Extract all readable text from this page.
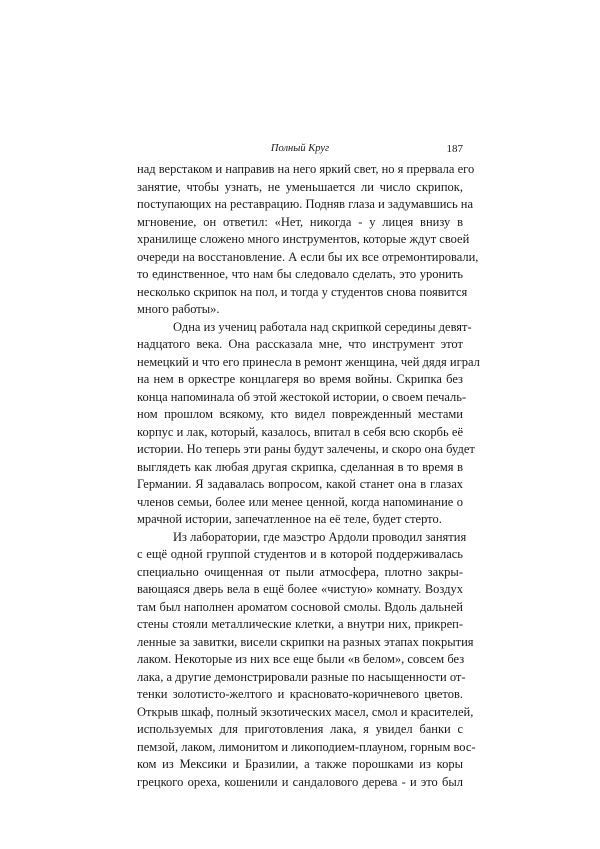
Полный Круг	187
над верстаком и направив на него яркий свет, но я прервала его
занятие, чтобы узнать, не уменьшается ли число скрипок,
поступающих на реставрацию. Подняв глаза и задумавшись на
мгновение, он ответил: «Нет, никогда - у лицея внизу в
хранилище сложено много инструментов, которые ждут своей
очереди на восстановление. А если бы их все отремонтировали,
то единственное, что нам бы следовало сделать, это уронить
несколько скрипок на пол, и тогда у студентов снова появится
много работы».
Одна из учениц работала над скрипкой середины девят-
надцатого века. Она рассказала мне, что инструмент этот
немецкий и что его принесла в ремонт женщина, чей дядя играл
на нем в оркестре концлагеря во время войны. Скрипка без
конца напоминала об этой жестокой истории, о своем печаль-
ном прошлом всякому, кто видел поврежденный местами
корпус и лак, который, казалось, впитал в себя всю скорбь её
истории. Но теперь эти раны будут залечены, и скоро она будет
выглядеть как любая другая скрипка, сделанная в то время в
Германии. Я задавалась вопросом, какой станет она в глазах
членов семьи, более или менее ценной, когда напоминание о
мрачной истории, запечатленное на её теле, будет стерто.
Из лаборатории, где маэстро Ардоли проводил занятия
с ещё одной группой студентов и в которой поддерживалась
специально очищенная от пыли атмосфера, плотно закры-
вающаяся дверь вела в ещё более «чистую» комнату. Воздух
там был наполнен ароматом сосновой смолы. Вдоль дальней
стены стояли металлические клетки, а внутри них, прикреп-
ленные за завитки, висели скрипки на разных этапах покрытия
лаком. Некоторые из них все еще были «в белом», совсем без
лака, а другие демонстрировали разные по насыщенности от-
тенки золотисто-желтого и красновато-коричневого цветов.
Открыв шкаф, полный экзотических масел, смол и красителей,
используемых для приготовления лака, я увидел банки с
пемзой, лаком, лимонитом и ликоподием-плауном, горным вос-
ком из Мексики и Бразилии, а также порошками из коры
грецкого ореха, кошенили и сандалового дерева - и это был
